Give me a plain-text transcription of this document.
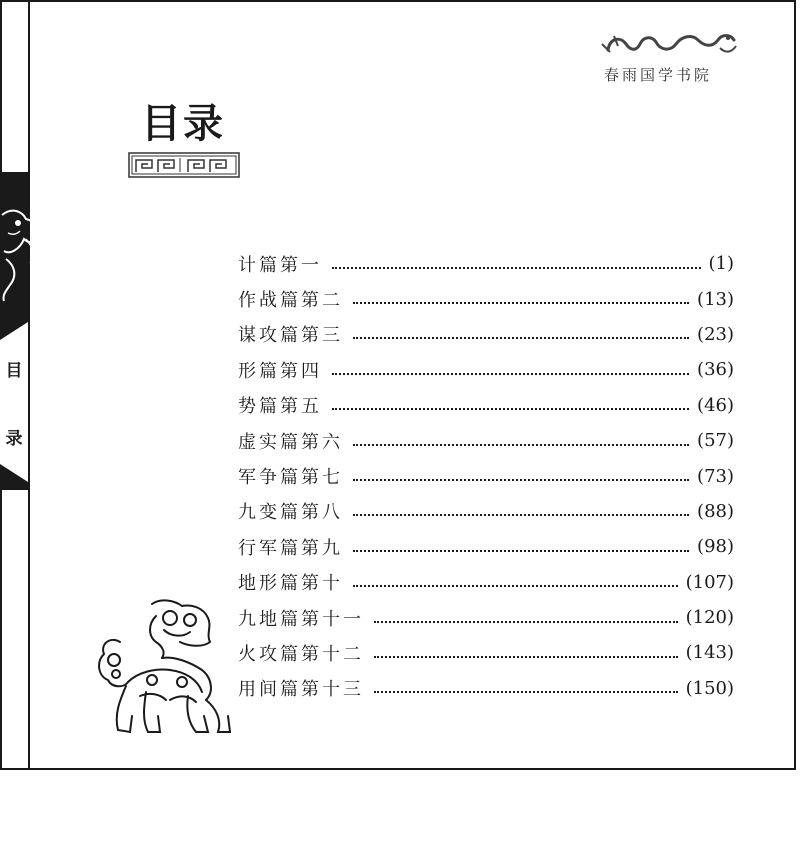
目
录
春雨国学书院
目录
计篇第一	(1)
作战篇第二	(13)
谋攻篇第三	(23)
形篇第四	(36)
势篇第五	(46)
虚实篇第六	(57)
军争篇第七	(73)
九变篇第八	(88)
行军篇第九	(98)
地形篇第十	(107)
九地篇第十一	(120)
火攻篇第十二	(143)
用间篇第十三	(150)
